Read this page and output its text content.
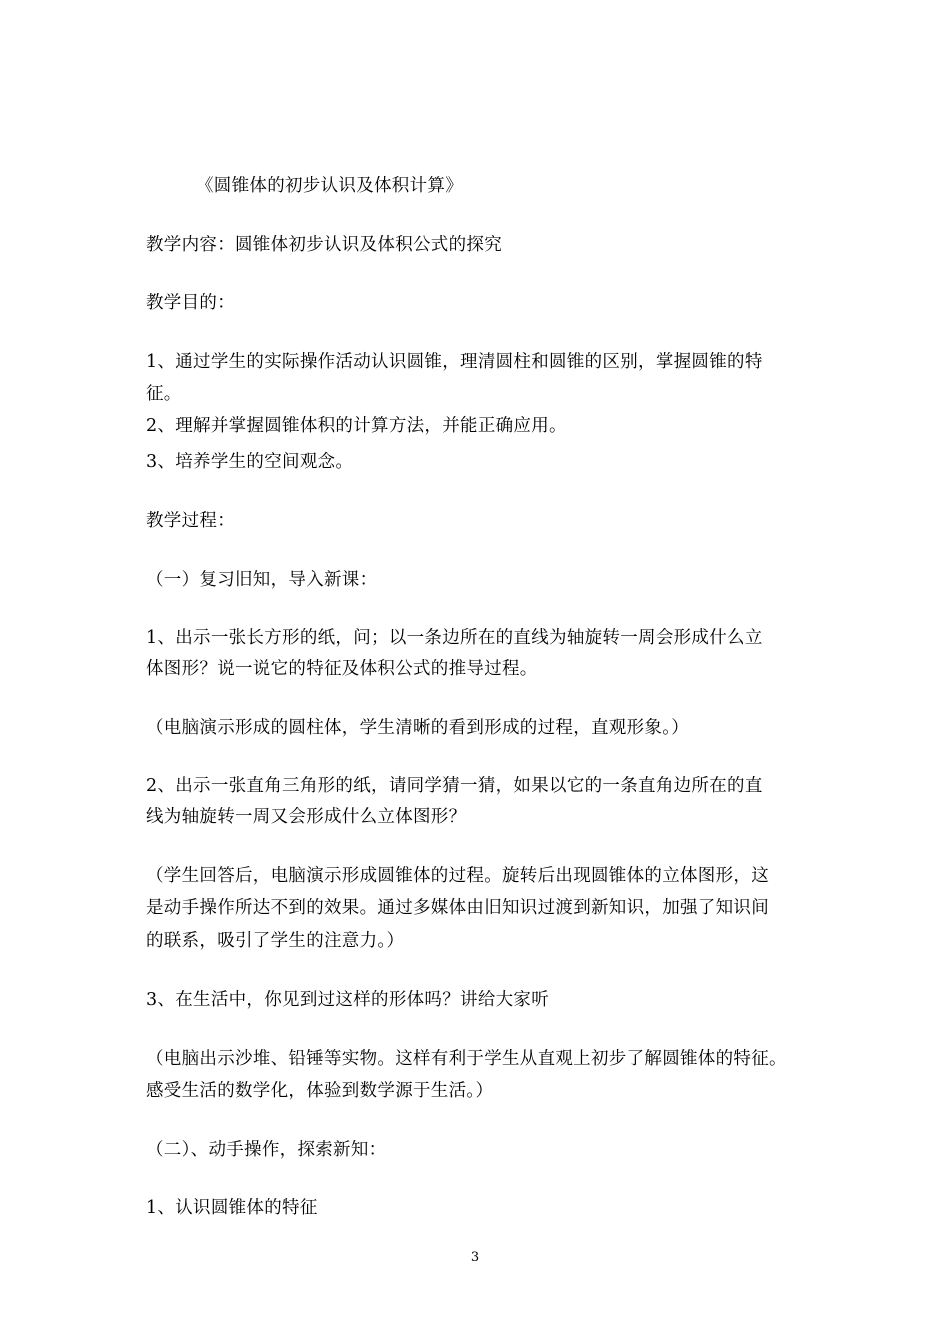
《圆锥体的初步认识及体积计算》
教学内容：圆锥体初步认识及体积公式的探究
教学目的：
1、通过学生的实际操作活动认识圆锥，理清圆柱和圆锥的区别，掌握圆锥的特
征。
2、理解并掌握圆锥体积的计算方法，并能正确应用。
3、培养学生的空间观念。
教学过程：
（一）复习旧知，导入新课：
1、出示一张长方形的纸，问；以一条边所在的直线为轴旋转一周会形成什么立
体图形？说一说它的特征及体积公式的推导过程。
（电脑演示形成的圆柱体，学生清晰的看到形成的过程，直观形象。）
2、出示一张直角三角形的纸，请同学猜一猜，如果以它的一条直角边所在的直
线为轴旋转一周又会形成什么立体图形？
（学生回答后，电脑演示形成圆锥体的过程。旋转后出现圆锥体的立体图形，这
是动手操作所达不到的效果。通过多媒体由旧知识过渡到新知识，加强了知识间
的联系，吸引了学生的注意力。）
3、在生活中，你见到过这样的形体吗？讲给大家听
（电脑出示沙堆、铅锤等实物。这样有利于学生从直观上初步了解圆锥体的特征。
感受生活的数学化，体验到数学源于生活。）
（二）、动手操作，探索新知：
1、认识圆锥体的特征
3
